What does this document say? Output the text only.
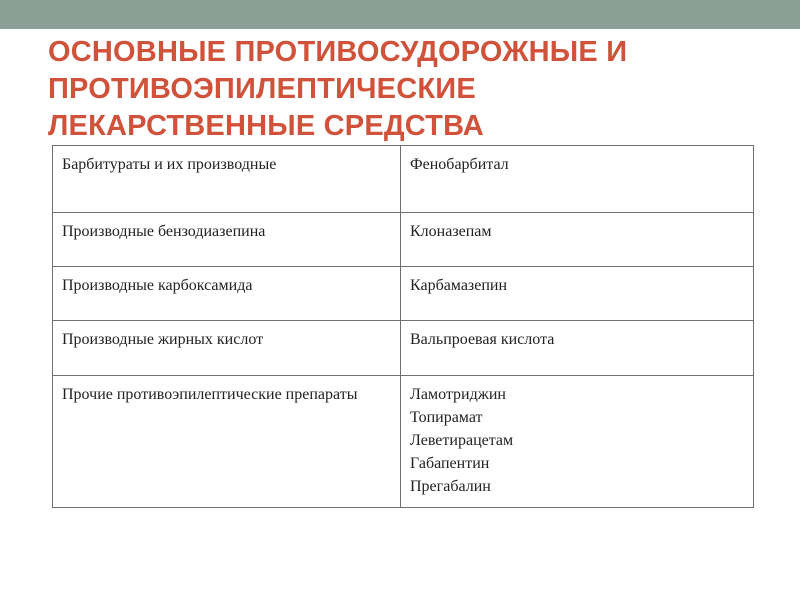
ОСНОВНЫЕ ПРОТИВОСУДОРОЖНЫЕ И
ПРОТИВОЭПИЛЕПТИЧЕСКИЕ
ЛЕКАРСТВЕННЫЕ СРЕДСТВА
Барбитураты и их производные	Фенобарбитал

Производные бензодиазепина	Клоназепам

Производные карбоксамида	Карбамазепин

Производные жирных кислот	Вальпроевая кислота

Прочие противоэпилептические препараты	Ламотриджин
Топирамат
Леветирацетам
Габапентин
Прегабалин
